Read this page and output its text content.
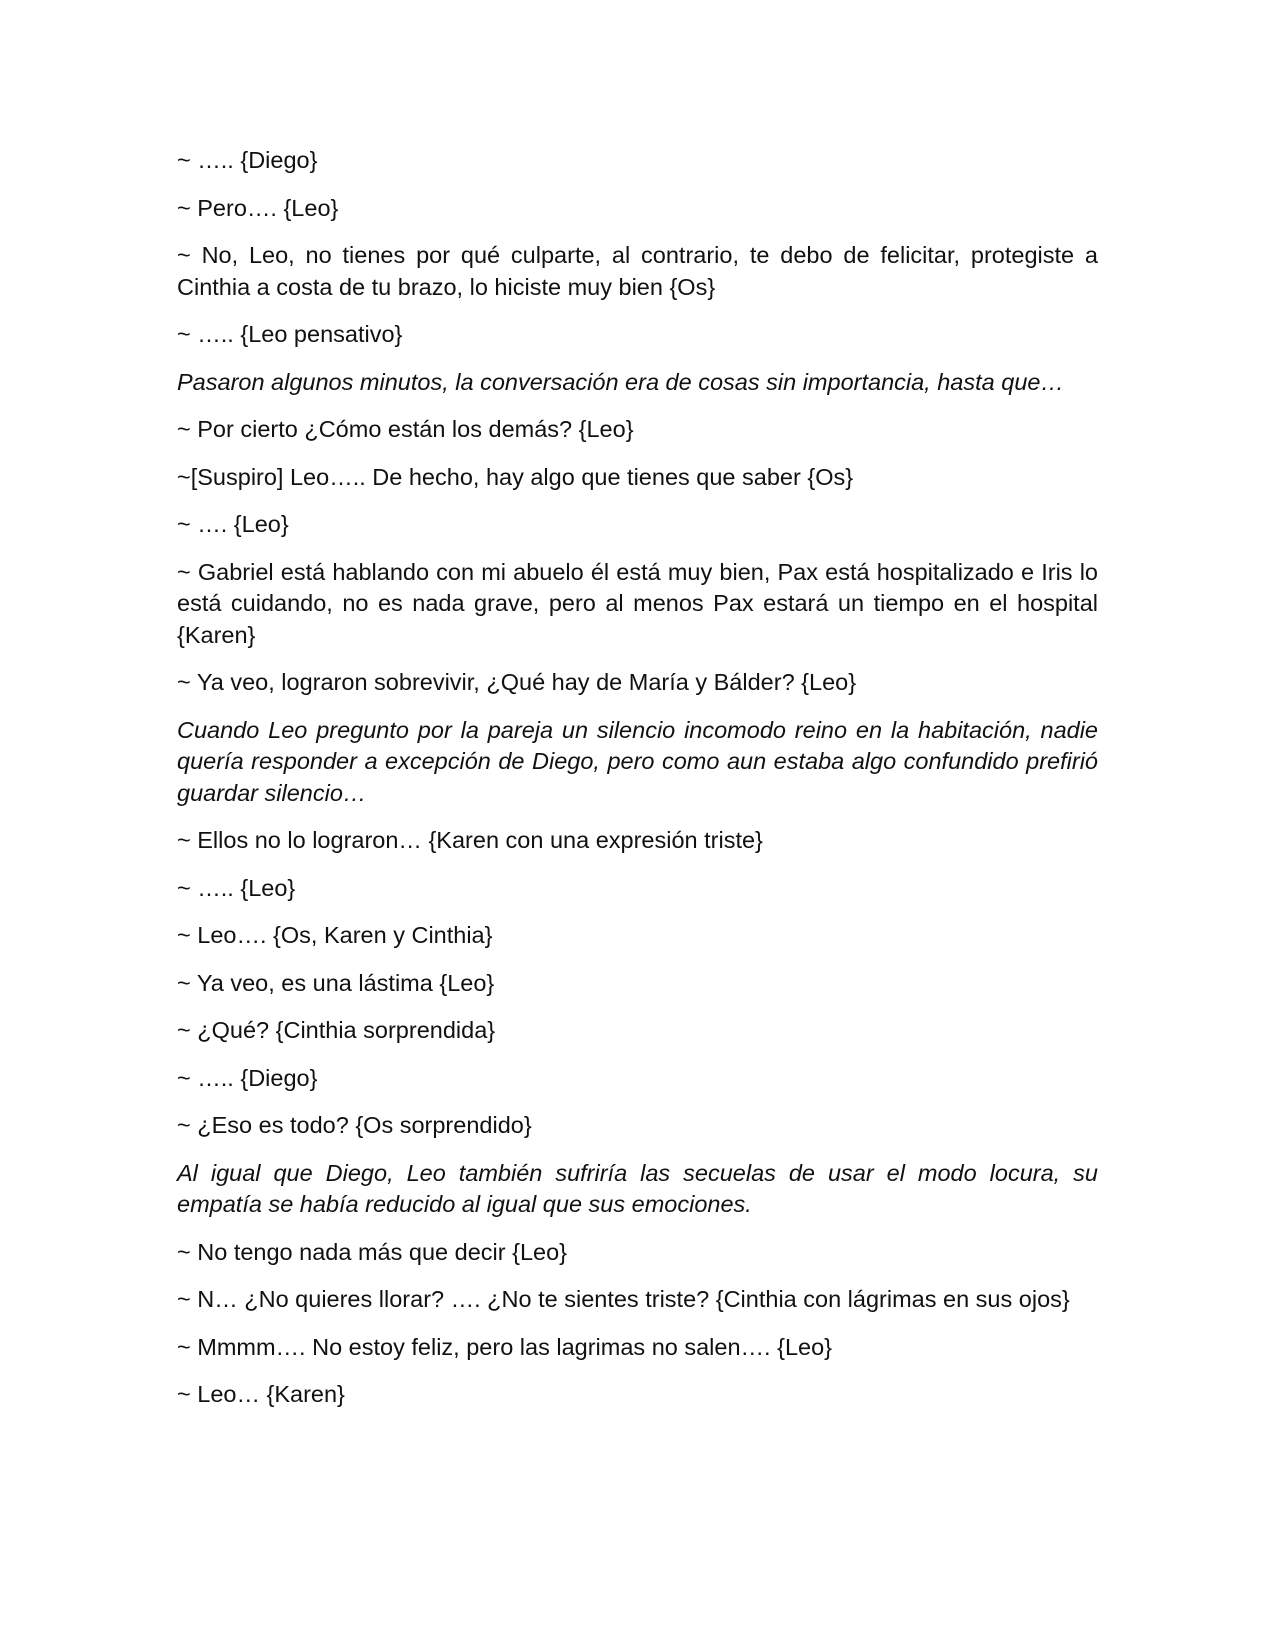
~ ….. {Diego}

~ Pero…. {Leo}

~ No, Leo, no tienes por qué culparte, al contrario, te debo de felicitar, protegiste a Cinthia a costa de tu brazo, lo hiciste muy bien {Os}

~ ….. {Leo pensativo}

Pasaron algunos minutos, la conversación era de cosas sin importancia, hasta que…

~ Por cierto ¿Cómo están los demás? {Leo}

~[Suspiro] Leo….. De hecho, hay algo que tienes que saber {Os}

~ …. {Leo}

~ Gabriel está hablando con mi abuelo él está muy bien, Pax está hospitalizado e Iris lo está cuidando, no es nada grave, pero al menos Pax estará un tiempo en el hospital {Karen}

~ Ya veo, lograron sobrevivir, ¿Qué hay de María y Bálder? {Leo}

Cuando Leo pregunto por la pareja un silencio incomodo reino en la habitación, nadie quería responder a excepción de Diego, pero como aun estaba algo confundido prefirió guardar silencio…

~ Ellos no lo lograron… {Karen con una expresión triste}

~ ….. {Leo}

~ Leo…. {Os, Karen y Cinthia}

~ Ya veo, es una lástima {Leo}

~ ¿Qué? {Cinthia sorprendida}

~ ….. {Diego}

~ ¿Eso es todo? {Os sorprendido}

Al igual que Diego, Leo también sufriría las secuelas de usar el modo locura, su empatía se había reducido al igual que sus emociones.

~ No tengo nada más que decir {Leo}

~ N… ¿No quieres llorar? …. ¿No te sientes triste? {Cinthia con lágrimas en sus ojos}

~ Mmmm…. No estoy feliz, pero las lagrimas no salen…. {Leo}

~ Leo… {Karen}
